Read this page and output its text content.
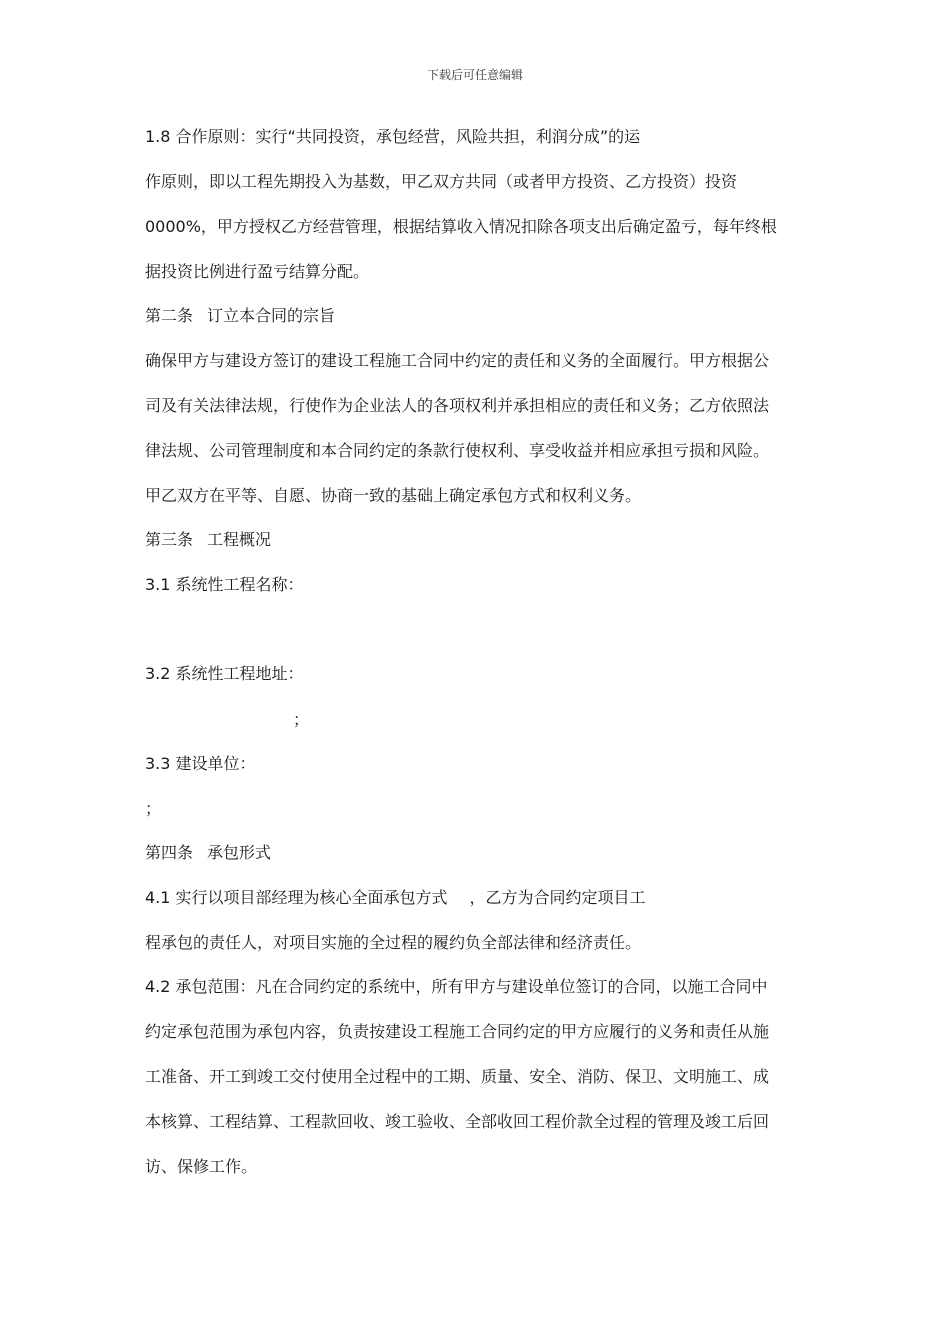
下载后可任意编辑
1.8 合作原则：实行“共同投资，承包经营，风险共担，利润分成”的运
作原则，即以工程先期投入为基数，甲乙双方共同（或者甲方投资、乙方投资）投资
0000%，甲方授权乙方经营管理，根据结算收入情况扣除各项支出后确定盈亏，每年终根
据投资比例进行盈亏结算分配。
第二条 订立本合同的宗旨
确保甲方与建设方签订的建设工程施工合同中约定的责任和义务的全面履行。甲方根据公
司及有关法律法规，行使作为企业法人的各项权利并承担相应的责任和义务；乙方依照法
律法规、公司管理制度和本合同约定的条款行使权利、享受收益并相应承担亏损和风险。
甲乙双方在平等、自愿、协商一致的基础上确定承包方式和权利义务。
第三条 工程概况
3.1 系统性工程名称：
3.2 系统性工程地址：
；
3.3 建设单位：
；
第四条 承包形式
4.1 实行以项目部经理为核心全面承包方式 ，乙方为合同约定项目工
程承包的责任人，对项目实施的全过程的履约负全部法律和经济责任。
4.2 承包范围：凡在合同约定的系统中，所有甲方与建设单位签订的合同，以施工合同中
约定承包范围为承包内容，负责按建设工程施工合同约定的甲方应履行的义务和责任从施
工准备、开工到竣工交付使用全过程中的工期、质量、安全、消防、保卫、文明施工、成
本核算、工程结算、工程款回收、竣工验收、全部收回工程价款全过程的管理及竣工后回
访、保修工作。
